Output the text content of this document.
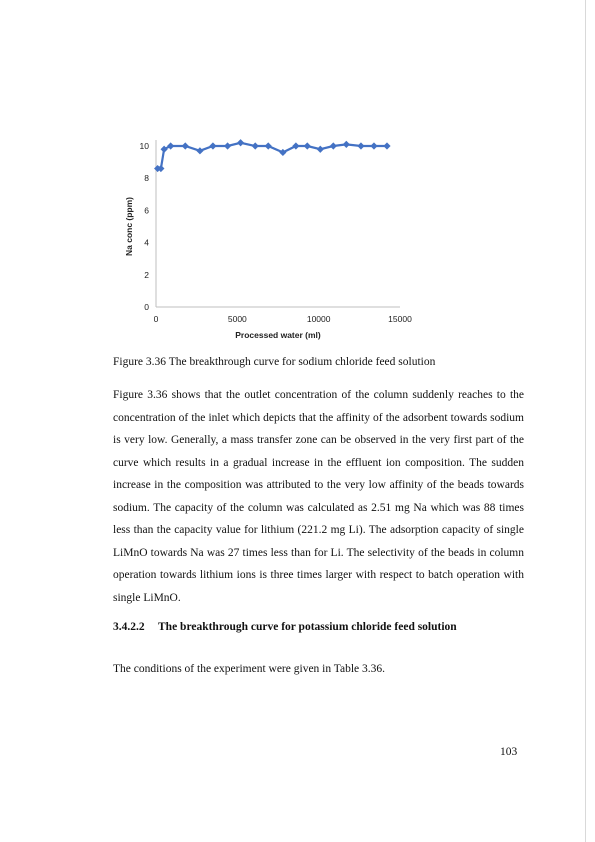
0
2
4
6
8
10
0	5000	10000	15000
Processed water (ml)
Na conc (ppm)
Figure 3.36 The breakthrough curve for sodium chloride feed solution

Figure 3.36 shows that the outlet concentration of the column suddenly reaches to the concentration of the inlet which depicts that the affinity of the adsorbent towards sodium is very low. Generally, a mass transfer zone can be observed in the very first part of the curve which results in a gradual increase in the effluent ion composition. The sudden increase in the composition was attributed to the very low affinity of the beads towards sodium. The capacity of the column was calculated as 2.51 mg Na which was 88 times less than the capacity value for lithium (221.2 mg Li). The adsorption capacity of single LiMnO towards Na was 27 times less than for Li. The selectivity of the beads in column operation towards lithium ions is three times larger with respect to batch operation with single LiMnO.

3.4.2.2 The breakthrough curve for potassium chloride feed solution

The conditions of the experiment were given in Table 3.36.

103
